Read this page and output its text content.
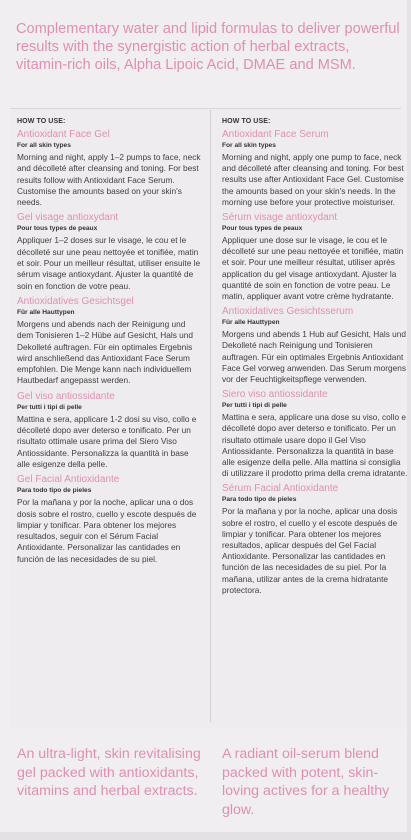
Complementary water and lipid formulas to deliver powerful results with the synergistic action of herbal extracts, vitamin-rich oils, Alpha Lipoic Acid, DMAE and MSM.
HOW TO USE:
Antioxidant Face Gel
For all skin types
Morning and night, apply 1–2 pumps to face, neck and décolleté after cleansing and toning. For best results follow with Antioxidant Face Serum. Customise the amounts based on your skin's needs.
Gel visage antioxydant
Pour tous types de peaux
Appliquer 1–2 doses sur le visage, le cou et le décolleté sur une peau nettoyée et tonifiée, matin et soir. Pour un meilleur résultat, utiliser ensuite le sérum visage antioxydant. Ajuster la quantité de soin en fonction de votre peau.
Antioxidatives Gesichtsgel
Für alle Hauttypen
Morgens und abends nach der Reinigung und dem Tonisieren 1–2 Hübe auf Gesicht, Hals und Dekolleté auftragen. Für ein optimales Ergebnis wird anschließend das Antioxidant Face Serum empfohlen. Die Menge kann nach individuellem Hautbedarf angepasst werden.
Gel viso antiossidante
Per tutti i tipi di pelle
Mattina e sera, applicare 1-2 dosi su viso, collo e décolleté dopo aver deterso e tonificato. Per un risultato ottimale usare prima del Siero Viso Antiossidante. Personalizza la quantità in base alle esigenze della pelle.
Gel Facial Antioxidante
Para todo tipo de pieles
Por la mañana y por la noche, aplicar una o dos dosis sobre el rostro, cuello y escote después de limpiar y tonificar. Para obtener los mejores resultados, seguir con el Sérum Facial Antioxidante. Personalizar las cantidades en función de las necesidades de su piel.
HOW TO USE:
Antioxidant Face Serum
For all skin types
Morning and night, apply one pump to face, neck and décolleté after cleansing and toning. For best results use after Antioxidant Face Gel. Customise the amounts based on your skin's needs. In the morning use before your protective moisturiser.
Sérum visage antioxydant
Pour tous types de peaux
Appliquer une dose sur le visage, le cou et le décolleté sur une peau nettoyée et tonifiée, matin et soir. Pour une meilleur résultat, utiliser après application du gel visage antioxydant. Ajuster la quantité de soin en fonction de votre peau. Le matin, appliquer avant votre crème hydratante.
Antioxidatives Gesichtsserum
Für alle Hauttypen
Morgens und abends 1 Hub auf Gesicht, Hals und Dekolleté nach Reinigung und Tonisieren auftragen. Für ein optimales Ergebnis Antioxidant Face Gel vorweg anwenden. Das Serum morgens vor der Feuchtigkeitspflege verwenden.
Siero viso antiossidante
Per tutti i tipi di pelle
Mattina e sera, applicare una dose su viso, collo e décolleté dopo aver deterso e tonificato. Per un risultato ottimale usare dopo il Gel Viso Antiossidante. Personalizza la quantità in base alle esigenze della pelle. Alla mattina si consiglia di utilizzare il prodotto prima della crema idratante.
Sérum Facial Antioxidante
Para todo tipo de pieles
Por la mañana y por la noche, aplicar una dosis sobre el rostro, el cuello y el escote después de limpiar y tonificar. Para obtener los mejores resultados, aplicar después del Gel Facial Antioxidante. Personalizar las cantidades en función de las necesidades de su piel. Por la mañana, utilizar antes de la crema hidratante protectora.
An ultra-light, skin revitalising gel packed with antioxidants, vitamins and herbal extracts.
A radiant oil-serum blend packed with potent, skin-loving actives for a healthy glow.
